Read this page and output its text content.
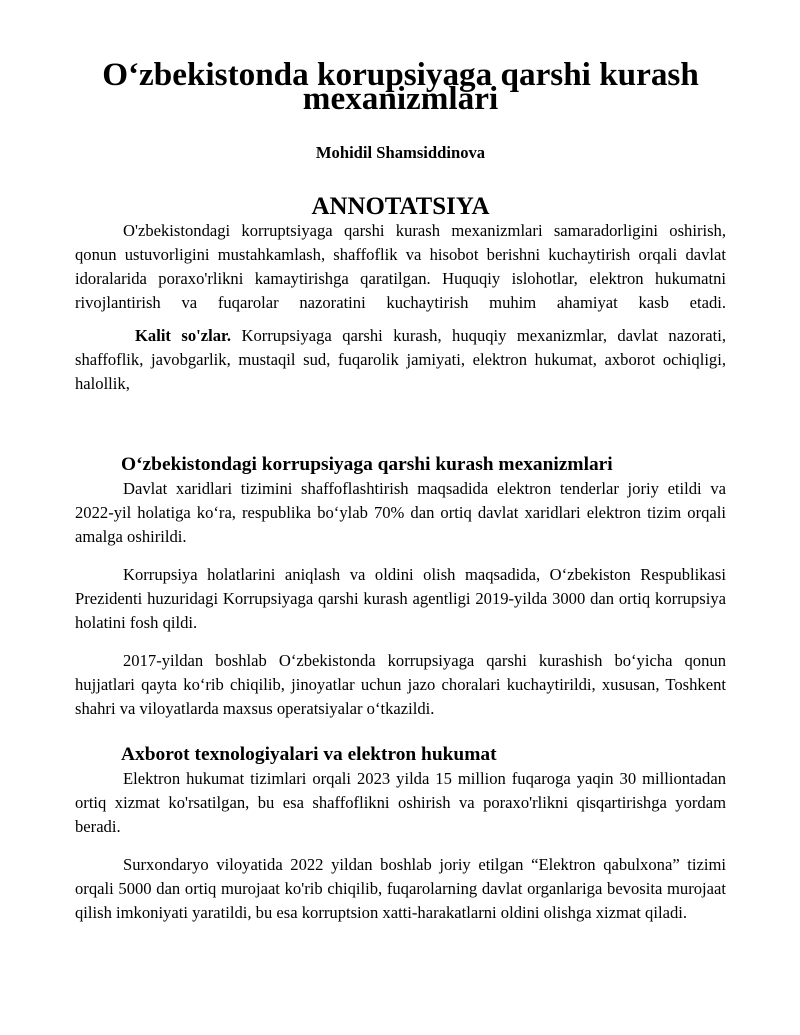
O‘zbekistonda korupsiyaga qarshi kurash mexanizmlari
Mohidil Shamsiddinova
ANNOTATSIYA

O'zbekistondagi korruptsiyaga qarshi kurash mexanizmlari samaradorligini oshirish, qonun ustuvorligini mustahkamlash, shaffoflik va hisobot berishni kuchaytirish orqali davlat idoralarida poraxo'rlikni kamaytirishga qaratilgan. Huquqiy islohotlar, elektron hukumatni rivojlantirish va fuqarolar nazoratini kuchaytirish muhim ahamiyat kasb etadi.

Kalit so'zlar. Korrupsiyaga qarshi kurash, huquqiy mexanizmlar, davlat nazorati, shaffoflik, javobgarlik, mustaqil sud, fuqarolik jamiyati, elektron hukumat, axborot ochiqligi, halollik,

O‘zbekistondagi korrupsiyaga qarshi kurash mexanizmlari

Davlat xaridlari tizimini shaffoflashtirish maqsadida elektron tenderlar joriy etildi va 2022-yil holatiga ko‘ra, respublika bo‘ylab 70% dan ortiq davlat xaridlari elektron tizim orqali amalga oshirildi.

Korrupsiya holatlarini aniqlash va oldini olish maqsadida, O‘zbekiston Respublikasi Prezidenti huzuridagi Korrupsiyaga qarshi kurash agentligi 2019-yilda 3000 dan ortiq korrupsiya holatini fosh qildi.

2017-yildan boshlab O‘zbekistonda korrupsiyaga qarshi kurashish bo‘yicha qonun hujjatlari qayta ko‘rib chiqilib, jinoyatlar uchun jazo choralari kuchaytirildi, xususan, Toshkent shahri va viloyatlarda maxsus operatsiyalar o‘tkazildi.

Axborot texnologiyalari va elektron hukumat

Elektron hukumat tizimlari orqali 2023 yilda 15 million fuqaroga yaqin 30 milliontadan ortiq xizmat ko'rsatilgan, bu esa shaffoflikni oshirish va poraxo'rlikni qisqartirishga yordam beradi.

Surxondaryo viloyatida 2022 yildan boshlab joriy etilgan “Elektron qabulxona” tizimi orqali 5000 dan ortiq murojaat ko'rib chiqilib, fuqarolarning davlat organlariga bevosita murojaat qilish imkoniyati yaratildi, bu esa korruptsion xatti-harakatlarni oldini olishga xizmat qiladi.
